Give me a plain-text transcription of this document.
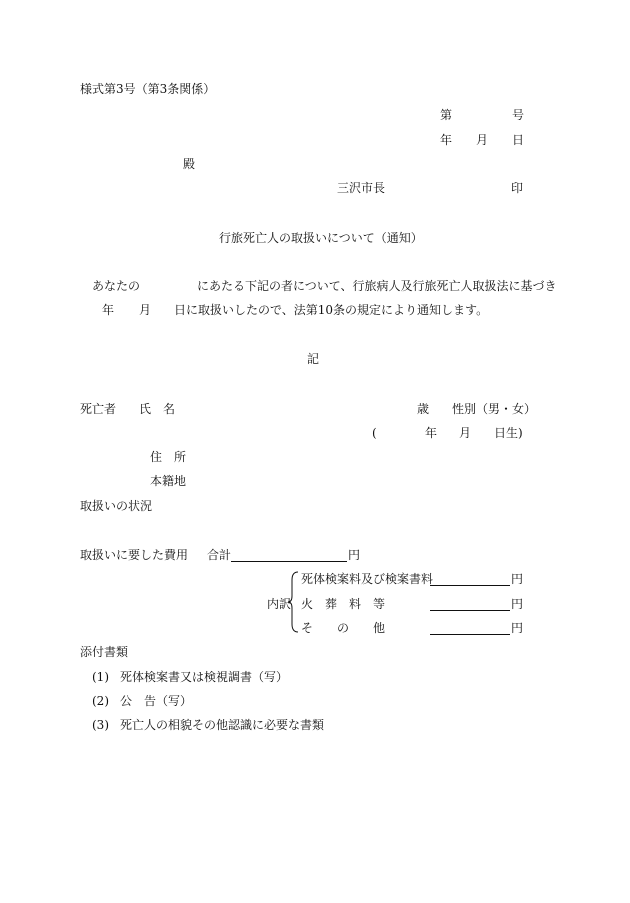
様式第3号（第3条関係）
第	号
年 月 日
殿
三沢市長	印
行旅死亡人の取扱いについて（通知）
あなたの	にあたる下記の者について、行旅病人及行旅死亡人取扱法に基づき
年 月 日に取扱いしたので、法第10条の規定により通知します。
記
死亡者 氏　名	歳 性別（男・女）
(	年 月 日生)
住　所
本籍地
取扱いの状況
取扱いに要した費用 合計	円
内訳
死体検案料及び検案書料	円
火　葬　料　等	円
そ　　の　　他	円
添付書類
(1) 死体検案書又は検視調書（写）
(2) 公　告（写）
(3) 死亡人の相貌その他認識に必要な書類
